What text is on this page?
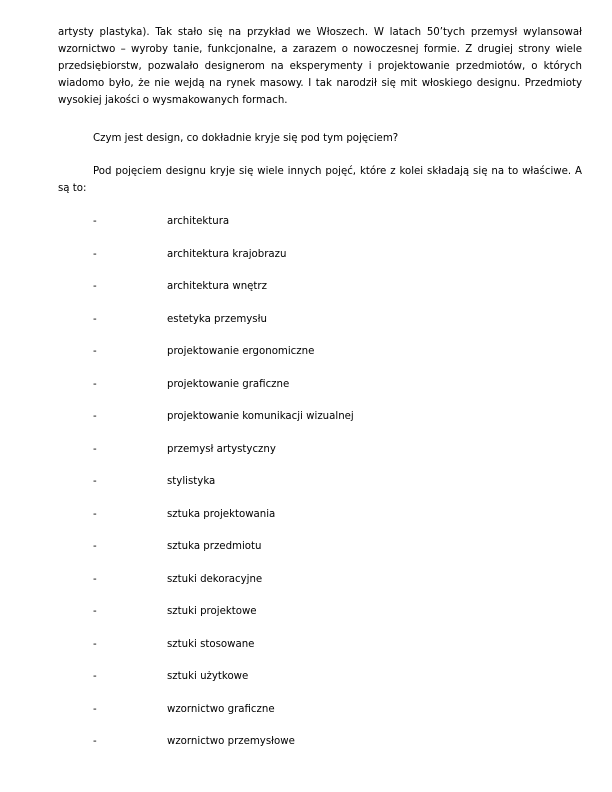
artysty plastyka). Tak stało się na przykład we Włoszech. W latach 50’tych przemysł wylansował wzornictwo – wyroby tanie, funkcjonalne, a zarazem o nowoczesnej formie. Z drugiej strony wiele przedsiębiorstw, pozwalało designerom na eksperymenty i projektowanie przedmiotów, o których wiadomo było, że nie wejdą na rynek masowy. I tak narodził się mit włoskiego designu. Przedmioty wysokiej jakości o wysmakowanych formach.

Czym jest design, co dokładnie kryje się pod tym pojęciem?

Pod pojęciem designu kryje się wiele innych pojęć, które z kolei składają się na to właściwe. A są to:

-	architektura
-	architektura krajobrazu
-	architektura wnętrz
-	estetyka przemysłu
-	projektowanie ergonomiczne
-	projektowanie graficzne
-	projektowanie komunikacji wizualnej
-	przemysł artystyczny
-	stylistyka
-	sztuka projektowania
-	sztuka przedmiotu
-	sztuki dekoracyjne
-	sztuki projektowe
-	sztuki stosowane
-	sztuki użytkowe
-	wzornictwo graficzne
-	wzornictwo przemysłowe
